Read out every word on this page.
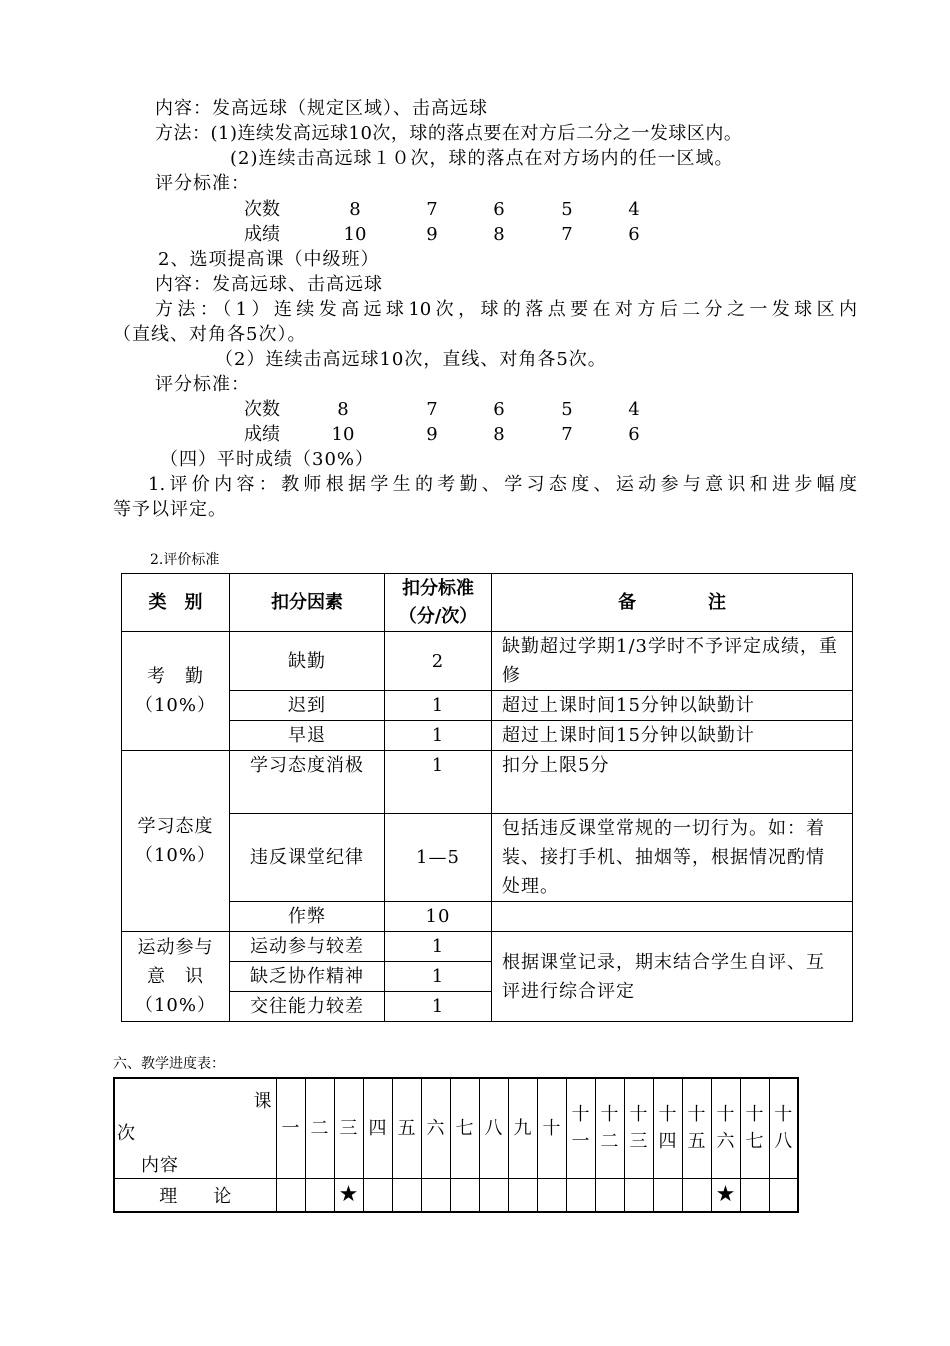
内容：发高远球（规定区域）、击高远球
方法：(1)连续发高远球10次，球的落点要在对方后二分之一发球区内。
(2)连续击高远球１０次，球的落点在对方场内的任一区域。
评分标准：
次数	8	7	6	5	4
成绩	10	9	8	7	6
2、选项提高课（中级班）
内容：发高远球、击高远球
方法：（1）连续发高远球10次，球的落点要在对方后二分之一发球区内
（直线、对角各5次）。
（2）连续击高远球10次，直线、对角各5次。
评分标准：
次数	8	7	6	5	4
成绩	10	9	8	7	6
（四）平时成绩（30%）
1.评价内容：教师根据学生的考勤、学习态度、运动参与意识和进步幅度
等予以评定。
2.评价标准
类　别	扣分因素	扣分标准（分/次）	备　　　　注
考　勤（10%）	缺勤	2	缺勤超过学期1/3学时不予评定成绩，重修
	迟到	1	超过上课时间15分钟以缺勤计
	早退	1	超过上课时间15分钟以缺勤计
学习态度（10%）	学习态度消极	1	扣分上限5分
	违反课堂纪律	1—5	包括违反课堂常规的一切行为。如：着装、接打手机、抽烟等，根据情况酌情处理。
	作弊	10	
运动参与意　识（10%）	运动参与较差	1	根据课堂记录，期末结合学生自评、互评进行综合评定
	缺乏协作精神	1	
	交往能力较差	1	
六、教学进度表：
课
次
内容	一	二	三	四	五	六	七	八	九	十	十一	十二	十三	十四	十五	十六	十七	十八
理　　论			★													★		
